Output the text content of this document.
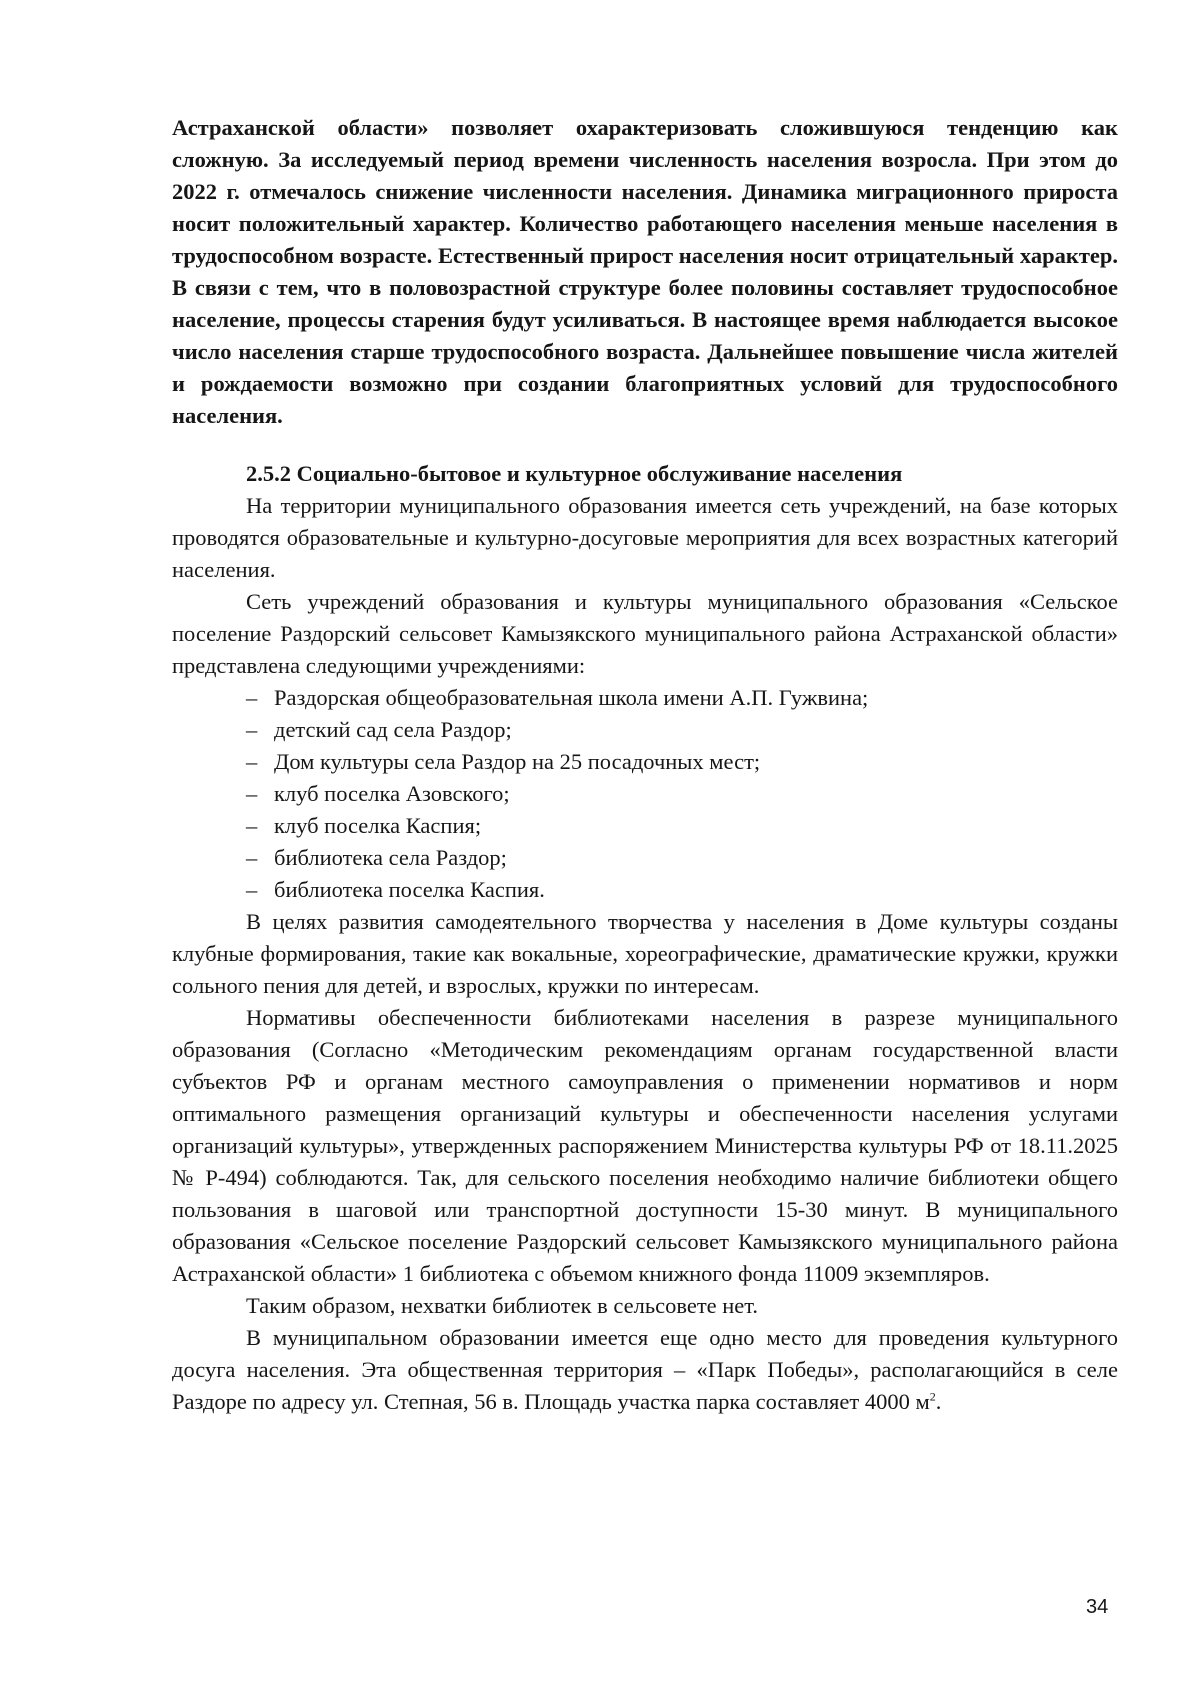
Астраханской области» позволяет охарактеризовать сложившуюся тенденцию как сложную. За исследуемый период времени численность населения возросла. При этом до 2022 г. отмечалось снижение численности населения. Динамика миграционного прироста носит положительный характер. Количество работающего населения меньше населения в трудоспособном возрасте. Естественный прирост населения носит отрицательный характер. В связи с тем, что в половозрастной структуре более половины составляет трудоспособное население, процессы старения будут усиливаться. В настоящее время наблюдается высокое число населения старше трудоспособного возраста. Дальнейшее повышение числа жителей и рождаемости возможно при создании благоприятных условий для трудоспособного населения.

2.5.2 Социально-бытовое и культурное обслуживание населения

На территории муниципального образования имеется сеть учреждений, на базе которых проводятся образовательные и культурно-досуговые мероприятия для всех возрастных категорий населения.

Сеть учреждений образования и культуры муниципального образования «Сельское поселение Раздорский сельсовет Камызякского муниципального района Астраханской области» представлена следующими учреждениями:

– Раздорская общеобразовательная школа имени А.П. Гужвина;
– детский сад села Раздор;
– Дом культуры села Раздор на 25 посадочных мест;
– клуб поселка Азовского;
– клуб поселка Каспия;
– библиотека села Раздор;
– библиотека поселка Каспия.

В целях развития самодеятельного творчества у населения в Доме культуры созданы клубные формирования, такие как вокальные, хореографические, драматические кружки, кружки сольного пения для детей, и взрослых, кружки по интересам.

Нормативы обеспеченности библиотеками населения в разрезе муниципального образования (Согласно «Методическим рекомендациям органам государственной власти субъектов РФ и органам местного самоуправления о применении нормативов и норм оптимального размещения организаций культуры и обеспеченности населения услугами организаций культуры», утвержденных распоряжением Министерства культуры РФ от 18.11.2025 № Р-494) соблюдаются. Так, для сельского поселения необходимо наличие библиотеки общего пользования в шаговой или транспортной доступности 15-30 минут. В муниципального образования «Сельское поселение Раздорский сельсовет Камызякского муниципального района Астраханской области» 1 библиотека с объемом книжного фонда 11009 экземпляров.

Таким образом, нехватки библиотек в сельсовете нет.

В муниципальном образовании имеется еще одно место для проведения культурного досуга населения. Эта общественная территория – «Парк Победы», располагающийся в селе Раздоре по адресу ул. Степная, 56 в. Площадь участка парка составляет 4000 $м^2$.

34
